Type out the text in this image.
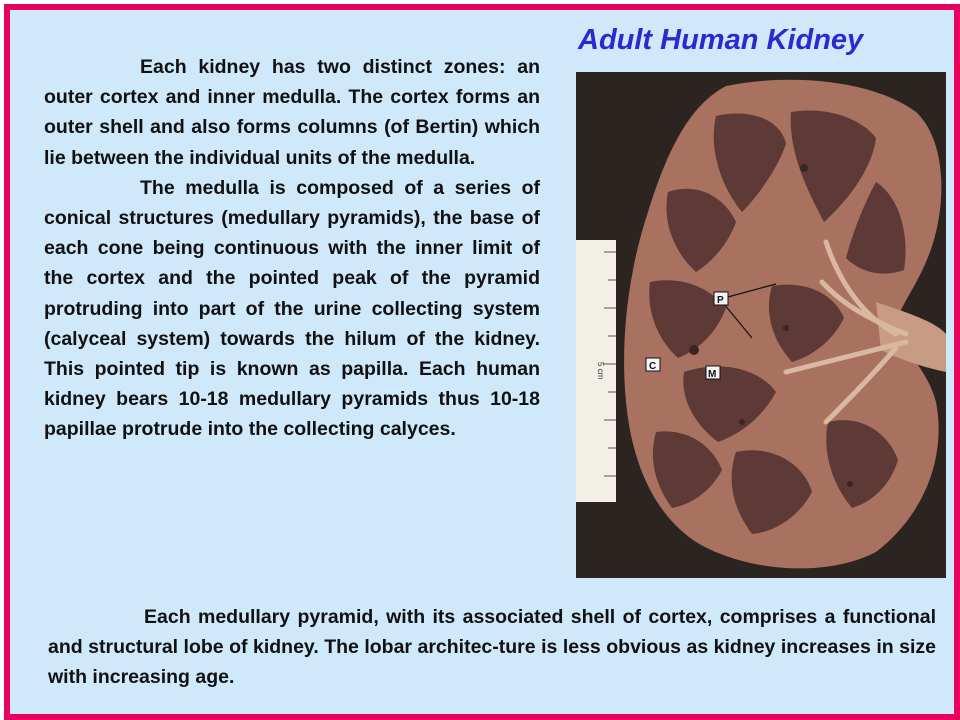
Adult Human Kidney

Each kidney has two distinct zones: an outer cortex and inner medulla. The cortex forms an outer shell and also forms columns (of Bertin) which lie between the individual units of the medulla.

The medulla is composed of a series of conical structures (medullary pyramids), the base of each cone being continuous with the inner limit of the cortex and the pointed peak of the pyramid protruding into part of the urine collecting system (calyceal system) towards the hilum of the kidney. This pointed tip is known as papilla. Each human kidney bears 10-18 medullary pyramids thus 10-18 papillae protrude into the collecting calyces.

5 cm
P
C
M

Each medullary pyramid, with its associated shell of cortex, comprises a functional and structural lobe of kidney. The lobar architec-ture is less obvious as kidney increases in size with increasing age.
